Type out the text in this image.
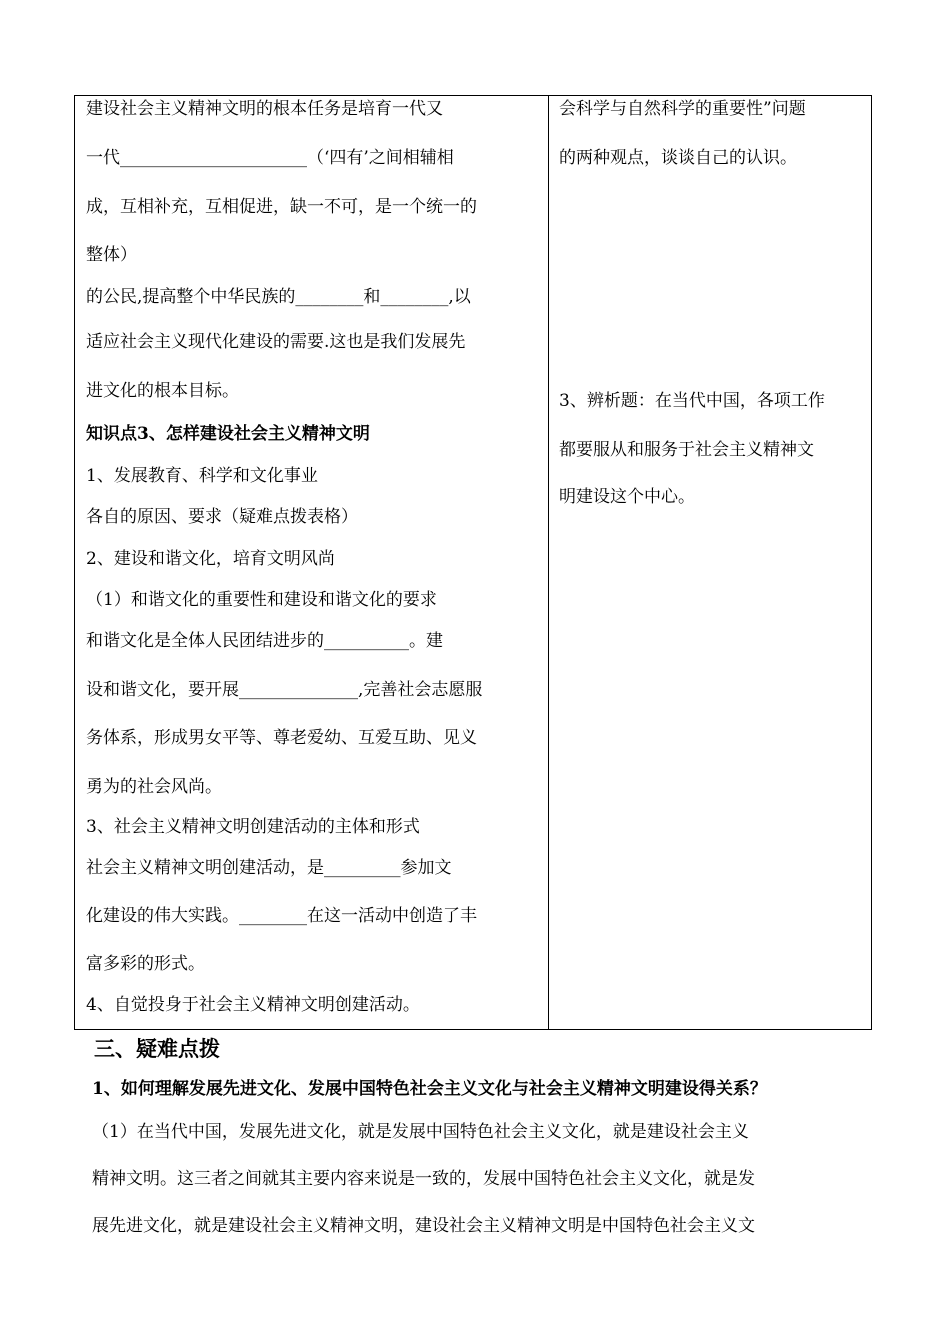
建设社会主义精神文明的根本任务是培育一代又
一代______________________（‘四有’之间相辅相
成，互相补充，互相促进，缺一不可，是一个统一的
整体）
的公民,提高整个中华民族的________和________,以
适应社会主义现代化建设的需要.这也是我们发展先
进文化的根本目标。
知识点3、怎样建设社会主义精神文明
1、发展教育、科学和文化事业
各自的原因、要求（疑难点拨表格）
2、建设和谐文化，培育文明风尚
（1）和谐文化的重要性和建设和谐文化的要求
和谐文化是全体人民团结进步的__________。建
设和谐文化，要开展______________,完善社会志愿服
务体系，形成男女平等、尊老爱幼、互爱互助、见义
勇为的社会风尚。
3、社会主义精神文明创建活动的主体和形式
社会主义精神文明创建活动，是_________参加文
化建设的伟大实践。________在这一活动中创造了丰
富多彩的形式。
4、自觉投身于社会主义精神文明创建活动。
会科学与自然科学的重要性”问题
的两种观点，谈谈自己的认识。
3、辨析题：在当代中国，各项工作
都要服从和服务于社会主义精神文
明建设这个中心。
三、疑难点拨
1、如何理解发展先进文化、发展中国特色社会主义文化与社会主义精神文明建设得关系？
（1）在当代中国，发展先进文化，就是发展中国特色社会主义文化，就是建设社会主义
精神文明。这三者之间就其主要内容来说是一致的，发展中国特色社会主义文化，就是发
展先进文化，就是建设社会主义精神文明，建设社会主义精神文明是中国特色社会主义文
